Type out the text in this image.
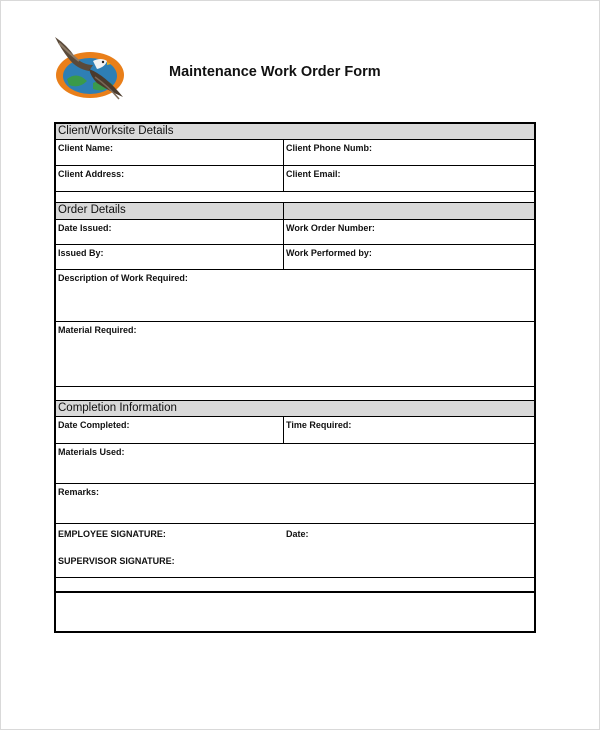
Maintenance Work Order Form
Client/Worksite Details
Client Name:	Client Phone Numb:
Client Address:	Client Email:
Order Details
Date Issued:	Work Order Number:
Issued By:	Work Performed by:
Description of Work Required:
Material Required:
Completion Information
Date Completed:	Time Required:
Materials Used:
Remarks:
EMPLOYEE SIGNATURE:	Date:
SUPERVISOR SIGNATURE:
